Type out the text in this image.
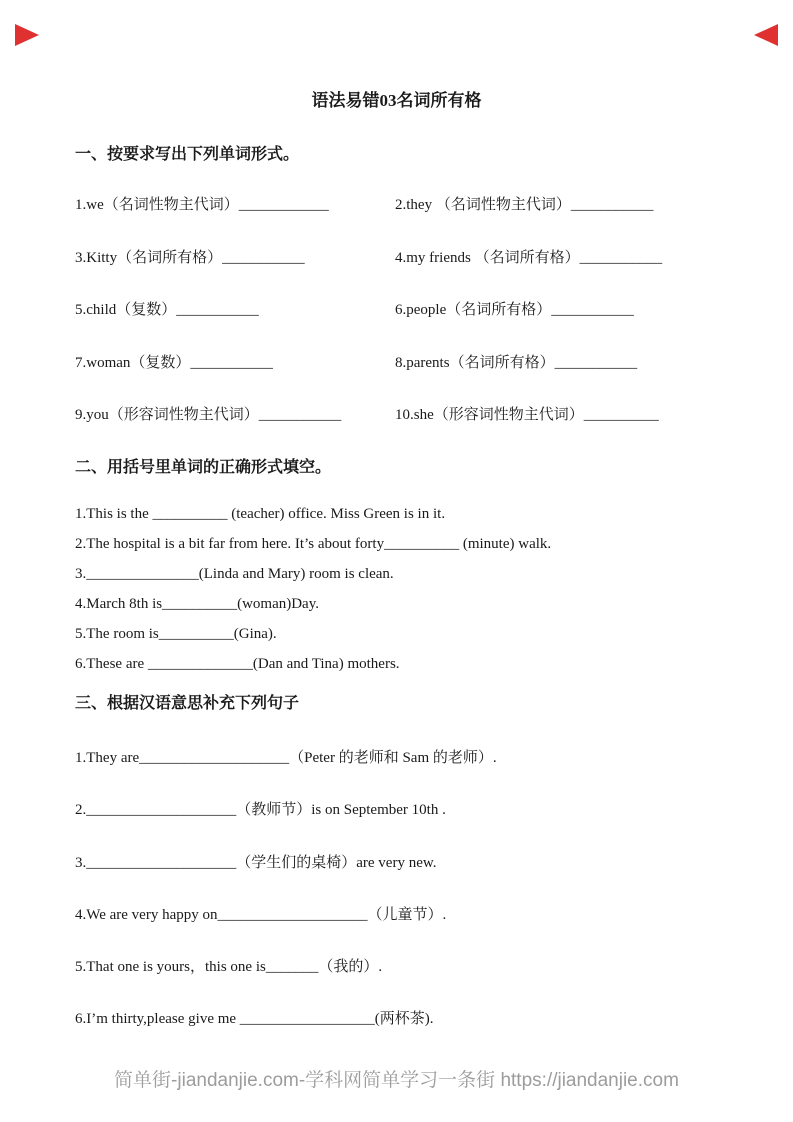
语法易错03名词所有格
一、按要求写出下列单词形式。
1.we（名词性物主代词）____________	2.they （名词性物主代词）___________
3.Kitty（名词所有格）___________	4.my friends （名词所有格）___________
5.child（复数）___________	6.people（名词所有格）___________
7.woman（复数）___________	8.parents（名词所有格）___________
9.you（形容词性物主代词）___________	10.she（形容词性物主代词）__________
二、用括号里单词的正确形式填空。
1.This is the __________ (teacher) office. Miss Green is in it.
2.The hospital is a bit far from here. It’s about forty__________ (minute) walk.
3._______________(Linda and Mary) room is clean.
4.March 8th is__________(woman)Day.
5.The room is__________(Gina).
6.These are ______________(Dan and Tina) mothers.
三、根据汉语意思补充下列句子
1.They are____________________（Peter 的老师和 Sam 的老师）.
2.____________________（教师节）is on September 10th .
3.____________________（学生们的桌椅）are very new.
4.We are very happy on____________________（儿童节）.
5.That one is yours，this one is_______（我的）.
6.I’m thirty,please give me __________________(两杯茶).
简单街-jiandanjie.com-学科网简单学习一条街 https://jiandanjie.com
